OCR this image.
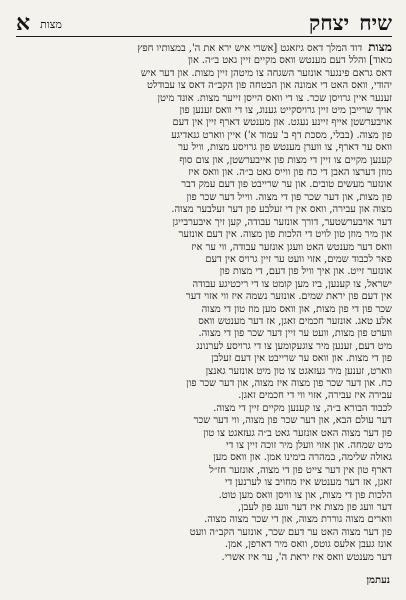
שיח
יצחק
מצות
א
מצותדוד המלך דאס גיזאגט [אשרי איש ירא את ה', במצותיו חפץ
מאוד] והלל דעם מענטש וואס מקיים זיין גאט ב״ה. און
דאס גראם פינגער אונזער השגחה צו מיטהן זיין מצות. און דער איש
יהודי, וואס האט די אמונה און הבטחה פון הקב״ה דאס צו עבודלט
זענער איין גרויסן שכר. צו די וואס הייסן זייער מצות. אונד מיטן
אויך שרייבן מיט זיין גרויסקייט גענוג, צו די וואס זענען פון
אויבערשטן אייף זיינע נעגט. און מענטש דארף זיין אין דעם
פון מצוה. (בבלי, מסכת דף ב' עמוד א') איין ווארט גנאדיגע
וואס ער דארף, צו ווערן מענטש פון גרויסע מצות, וויל ער
קענען מקיים צו זיין די מצות פון אייבערשטן, און צום סוף
מוזן דערצו האבן די כח פון ווייס גאט ב״ה. און וואס איז
אונזער מעשים טובים. און ער שרייבט פון דעם עמק דבר
פון מצות, און דער שכר פון די מצוה. ווייל דער שכר פון
מצוה און עבירה, וואס אין די זעלבע פון דער זעלבער מצוה.
דער אויבערשטער, דורך אונזער עבודה, קען זיך איבערבייגן
און מיר מוזן טון לויט די הלכות פון מצוה. אין דעם אונזער
וואס דער מענטש האט וועגן אונזער עבודה, ווי ער איז
פאר לכבוד שמים, אזוי וועט ער זיין גרויס אין דעם
אונזער זייט. און איך וויל פון דעם, די מצות פון
ישראל, צו קענען, ביז מען קומט צו די ריכטיגע עבודה
אין דעם פון יראת שמים. אונזער נשמה איז ווי אזוי דער
שכר פון די פון מצות, און וואס מען מוז טון די מצוה
אלע טאג. אונזער חכמים זאגן, אז דער מענטש וואס
ווערט פון מצות, וועט ער זיין דער שכר פון די מצוה.
מיט דעם, זענען מיר צוגעקומען צו די גרויסע לערנונג
פון די מצות. און וואס ער שרייבט אין דעם זעלבן
ווארט, זענען מיר געזאגט צו טון מיט אונזער גאנצן
כח. און דער שכר פון מצוה איז מצוה, און דער שכר פון
עבירה איז עבירה, אזוי ווי די חכמים זאגן.
לכבוד הבורא ב״ה, צו קענען מקיים זיין די מצוה.
דער עולם הבא, און דער שכר פון מצוה, ווי דער שכר
פון דער מצוה האט אונזער גאט ב״ה געזאגט צו טון
מיט שמחה. און אזוי וועלן מיר זוכה זיין צו די
גאולה שלימה, במהרה בימינו אמן. און וואס מען
דארף טון אין דער צייט פון די מצוה, אונזער חז״ל
זאגן, אז דער מענטש איז מחויב צו לערנען די
הלכות פון די מצות, און צו וויסן וואס מען טוט.
דער וועג פון מצות איז דער וועג פון לעבן,
ווארים מצוה גוררת מצוה, און די שכר מצוה מצוה.
פון דער מצוה האט ער דעם שכר, אונזער הקב״ה וועט
אונז געבן אלעס גוטס, וואס מיר דארפן, אמן.
דער מענטש וואס איז יראת ה', ער איז אשרי.
נעתמן
